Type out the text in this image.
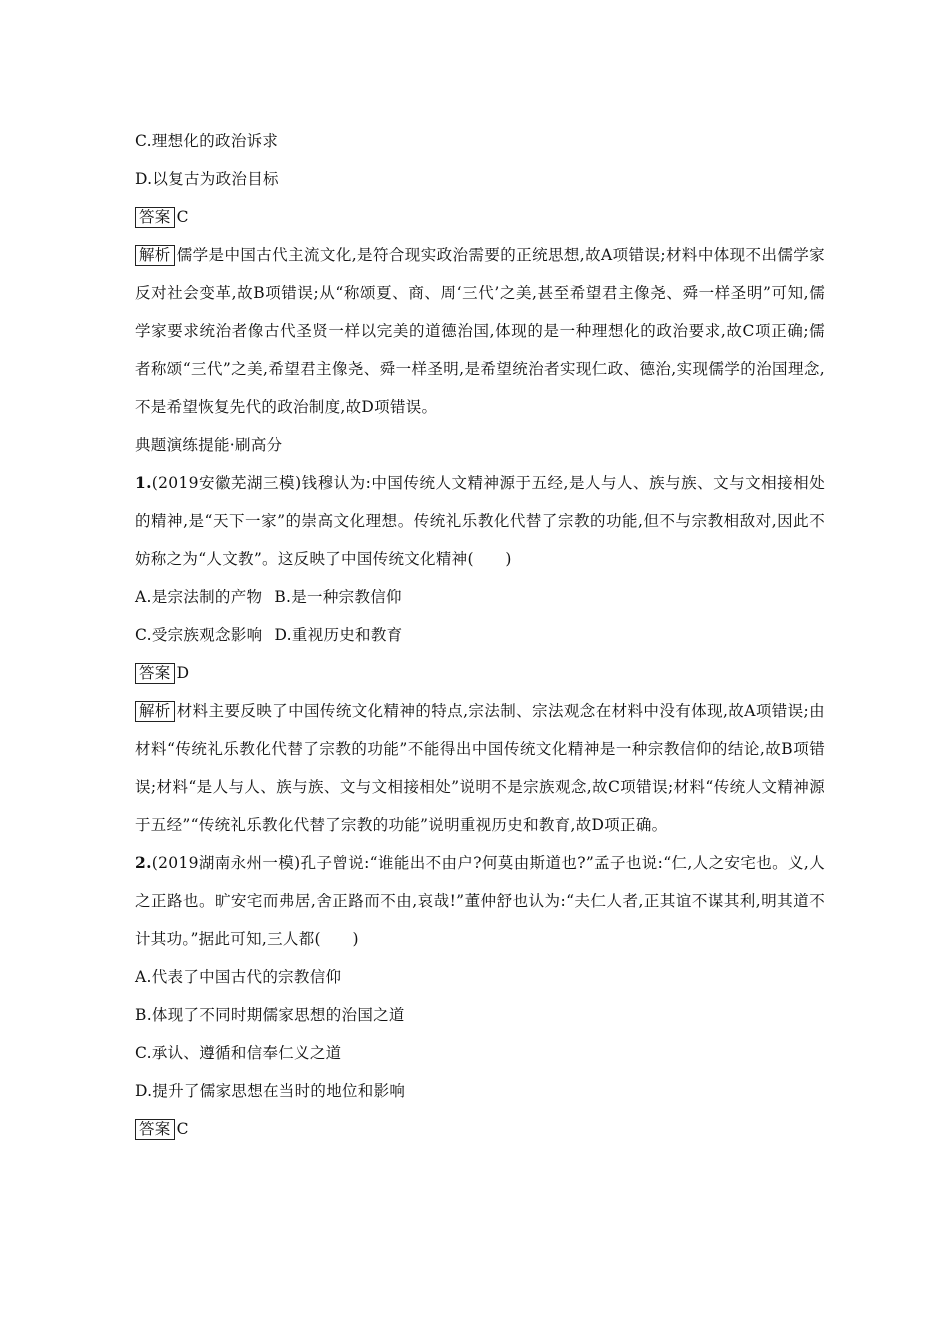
C.理想化的政治诉求
D.以复古为政治目标
答案 C
解析 儒学是中国古代主流文化,是符合现实政治需要的正统思想,故A项错误;材料中体现不出儒学家反对社会变革,故B项错误;从“称颂夏、商、周‘三代’之美,甚至希望君主像尧、舜一样圣明”可知,儒学家要求统治者像古代圣贤一样以完美的道德治国,体现的是一种理想化的政治要求,故C项正确;儒者称颂“三代”之美,希望君主像尧、舜一样圣明,是希望统治者实现仁政、德治,实现儒学的治国理念,不是希望恢复先代的政治制度,故D项错误。
典题演练提能·刷高分
1.(2019安徽芜湖三模)钱穆认为:中国传统人文精神源于五经,是人与人、族与族、文与文相接相处的精神,是“天下一家”的崇高文化理想。传统礼乐教化代替了宗教的功能,但不与宗教相敌对,因此不妨称之为“人文教”。这反映了中国传统文化精神(　　)
A.是宗法制的产物 B.是一种宗教信仰
C.受宗族观念影响 D.重视历史和教育
答案 D
解析 材料主要反映了中国传统文化精神的特点,宗法制、宗法观念在材料中没有体现,故A项错误;由材料“传统礼乐教化代替了宗教的功能”不能得出中国传统文化精神是一种宗教信仰的结论,故B项错误;材料“是人与人、族与族、文与文相接相处”说明不是宗族观念,故C项错误;材料“传统人文精神源于五经”“传统礼乐教化代替了宗教的功能”说明重视历史和教育,故D项正确。
2.(2019湖南永州一模)孔子曾说:“谁能出不由户?何莫由斯道也?”孟子也说:“仁,人之安宅也。义,人之正路也。旷安宅而弗居,舍正路而不由,哀哉!”董仲舒也认为:“夫仁人者,正其谊不谋其利,明其道不计其功。”据此可知,三人都(　　)
A.代表了中国古代的宗教信仰
B.体现了不同时期儒家思想的治国之道
C.承认、遵循和信奉仁义之道
D.提升了儒家思想在当时的地位和影响
答案 C
